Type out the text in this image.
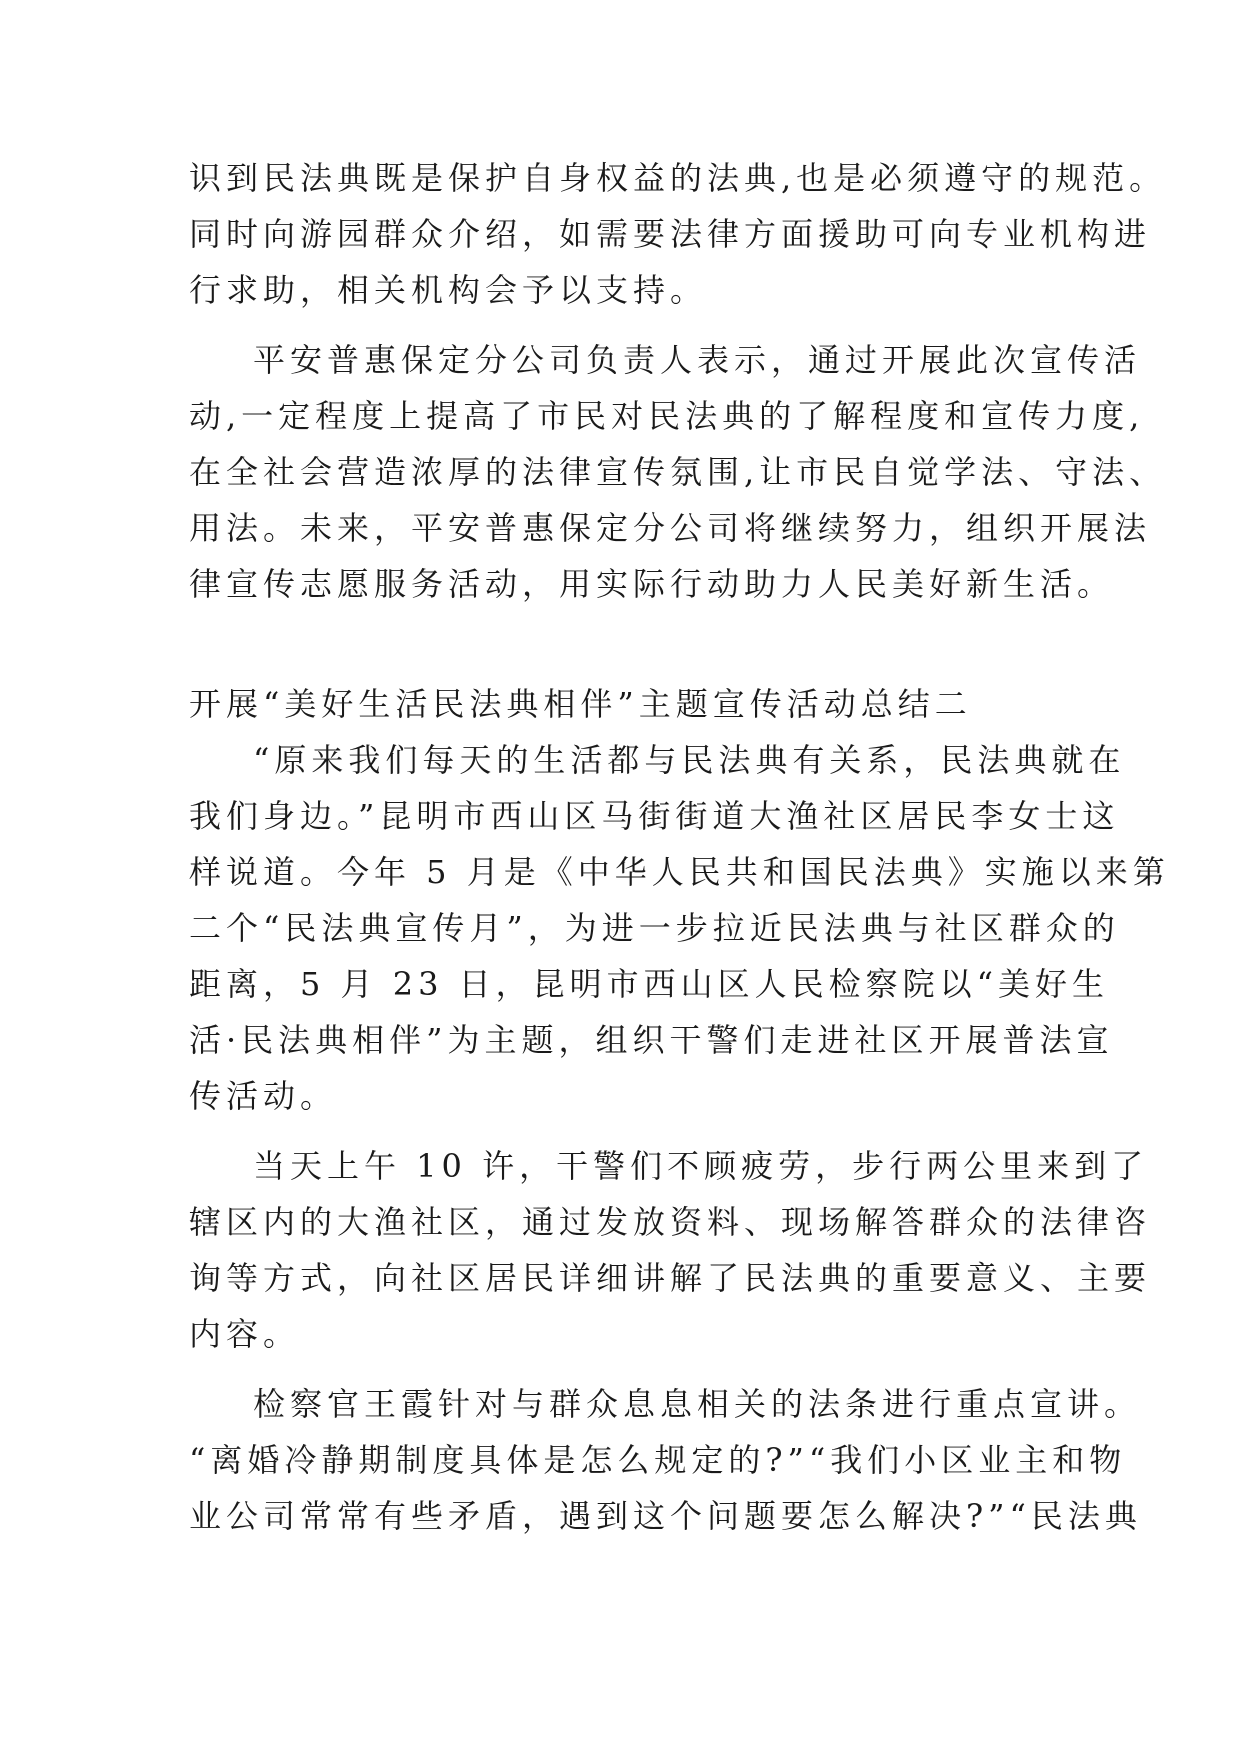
识到民法典既是保护自身权益的法典,也是必须遵守的规范。
同时向游园群众介绍，如需要法律方面援助可向专业机构进
行求助，相关机构会予以支持。
平安普惠保定分公司负责人表示，通过开展此次宣传活
动,一定程度上提高了市民对民法典的了解程度和宣传力度,
在全社会营造浓厚的法律宣传氛围,让市民自觉学法、守法、
用法。未来，平安普惠保定分公司将继续努力，组织开展法
律宣传志愿服务活动，用实际行动助力人民美好新生活。
开展“美好生活民法典相伴”主题宣传活动总结二
“原来我们每天的生活都与民法典有关系，民法典就在
我们身边。”昆明市西山区马街街道大渔社区居民李女士这
样说道。今年 5 月是《中华人民共和国民法典》实施以来第
二个“民法典宣传月”，为进一步拉近民法典与社区群众的
距离，5 月 23 日，昆明市西山区人民检察院以“美好生
活·民法典相伴”为主题，组织干警们走进社区开展普法宣
传活动。
当天上午 10 许，干警们不顾疲劳，步行两公里来到了
辖区内的大渔社区，通过发放资料、现场解答群众的法律咨
询等方式，向社区居民详细讲解了民法典的重要意义、主要
内容。
检察官王霞针对与群众息息相关的法条进行重点宣讲。
“离婚冷静期制度具体是怎么规定的?”“我们小区业主和物
业公司常常有些矛盾，遇到这个问题要怎么解决?”“民法典
